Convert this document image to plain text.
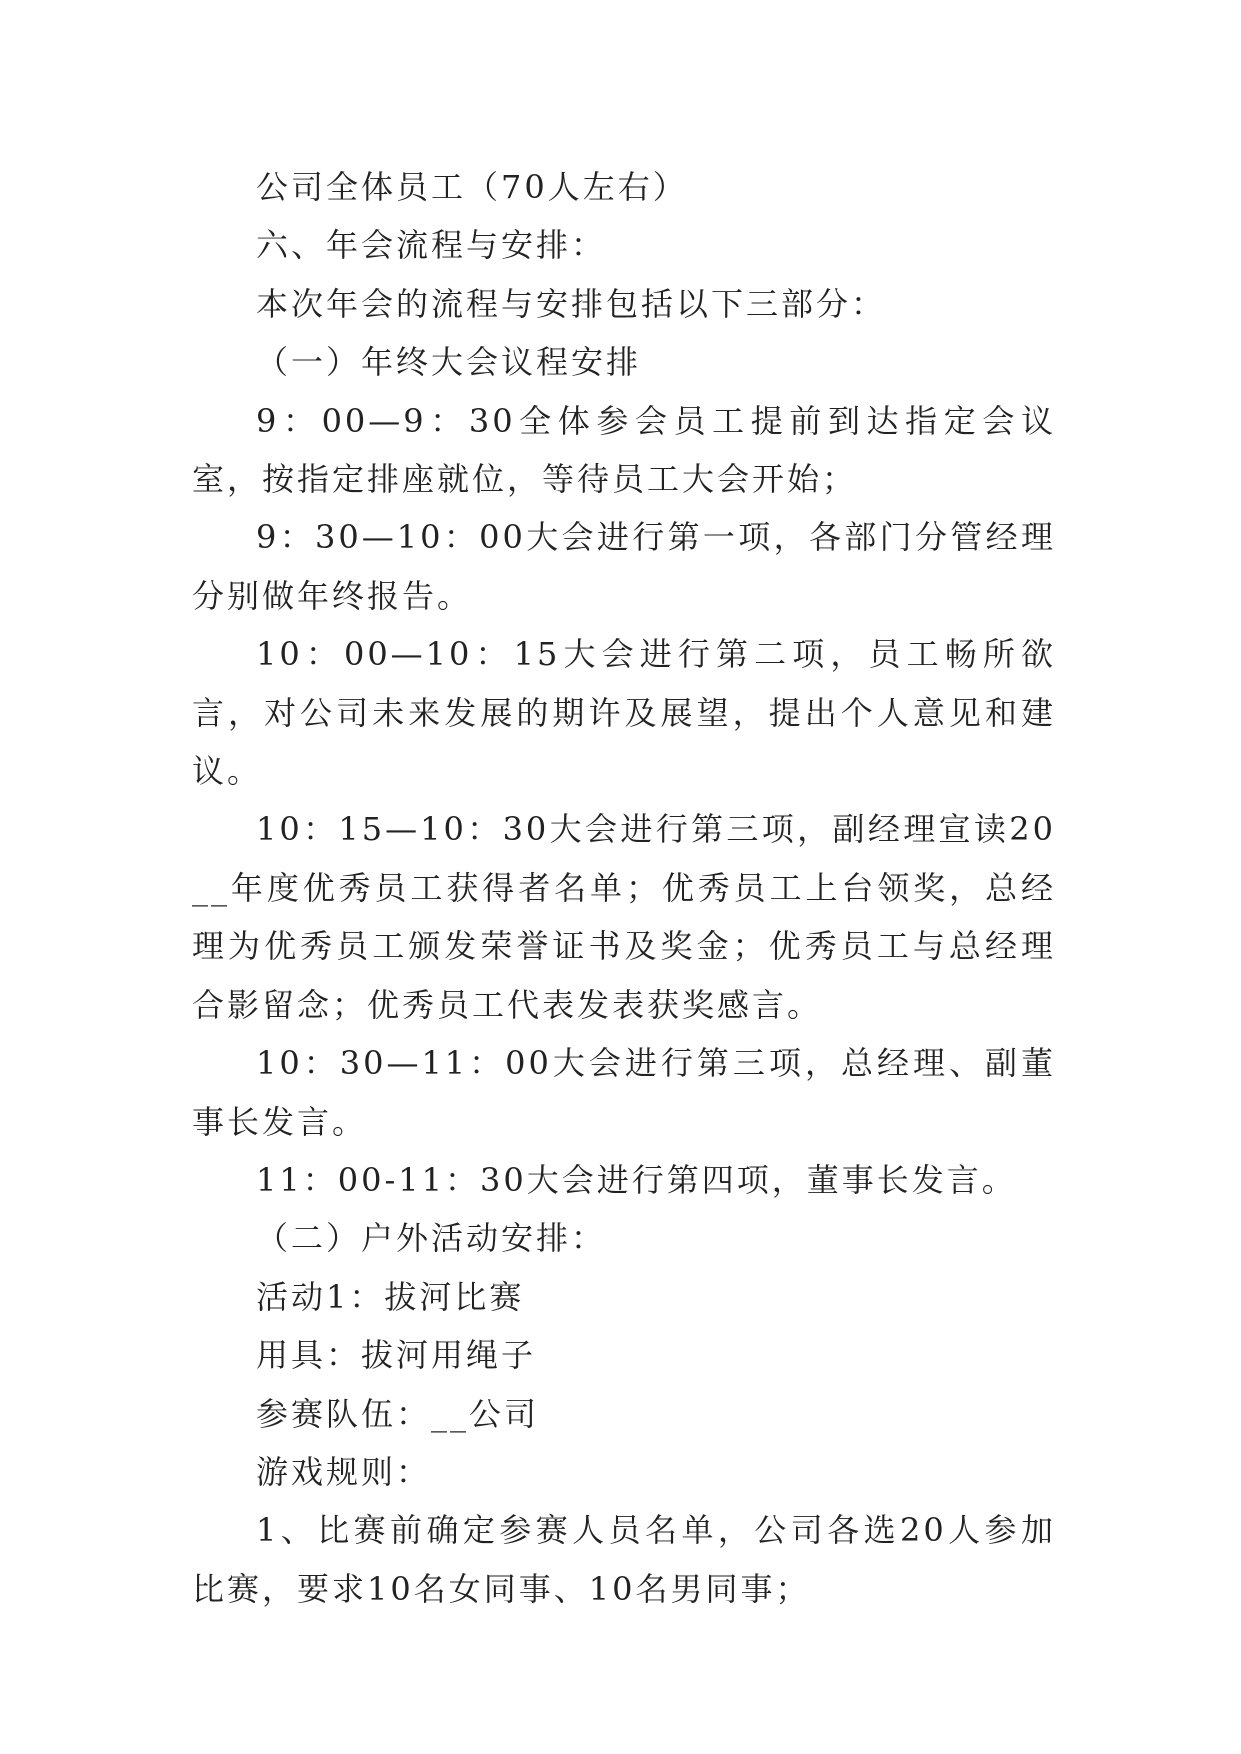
公司全体员工（70人左右）

六、年会流程与安排：

本次年会的流程与安排包括以下三部分：

（一）年终大会议程安排

9：00—9：30全体参会员工提前到达指定会议室，按指定排座就位，等待员工大会开始；

9：30—10：00大会进行第一项，各部门分管经理分别做年终报告。

10：00—10：15大会进行第二项，员工畅所欲言，对公司未来发展的期许及展望，提出个人意见和建议。

10：15—10：30大会进行第三项，副经理宣读20__年度优秀员工获得者名单；优秀员工上台领奖，总经理为优秀员工颁发荣誉证书及奖金；优秀员工与总经理合影留念；优秀员工代表发表获奖感言。

10：30—11：00大会进行第三项，总经理、副董事长发言。

11：00-11：30大会进行第四项，董事长发言。

（二）户外活动安排：

活动1：拔河比赛

用具：拔河用绳子

参赛队伍：__公司

游戏规则：

1、比赛前确定参赛人员名单，公司各选20人参加比赛，要求10名女同事、10名男同事；
